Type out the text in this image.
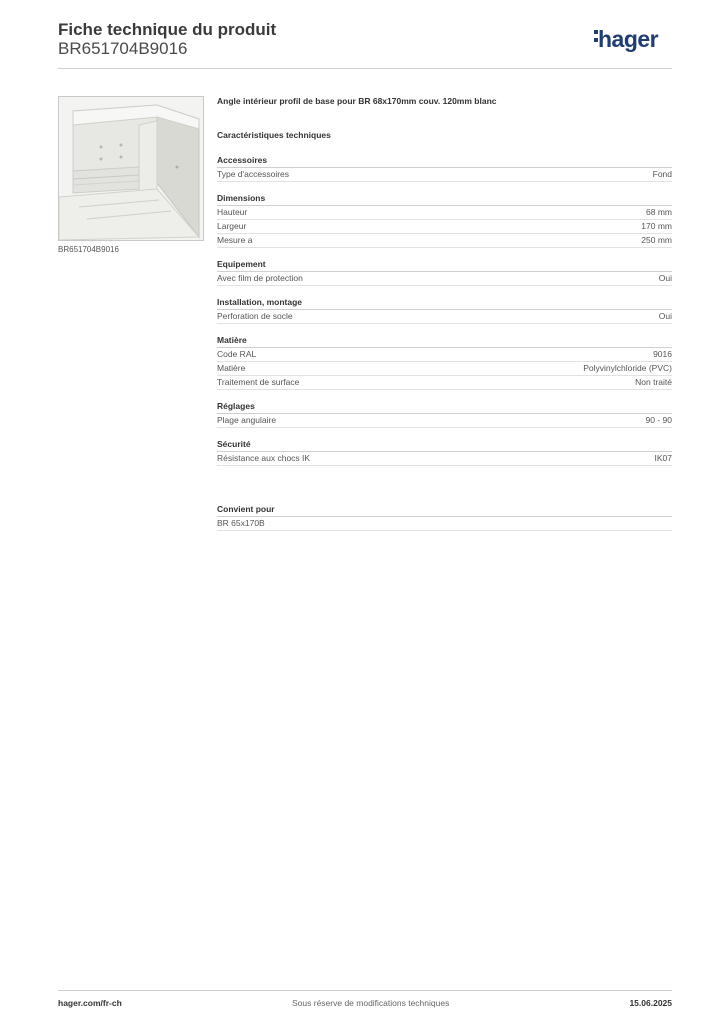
Fiche technique du produit
BR651704B9016	hager
BR651704B9016
Angle intérieur profil de base pour BR 68x170mm couv. 120mm blanc
Caractéristiques techniques
Accessoires
Type d'accessoires	Fond
Dimensions
Hauteur	68 mm
Largeur	170 mm
Mesure a	250 mm
Equipement
Avec film de protection	Oui
Installation, montage
Perforation de socle	Oui
Matière
Code RAL	9016
Matière	Polyvinylchloride (PVC)
Traitement de surface	Non traité
Réglages
Plage angulaire	90 - 90
Sécurité
Résistance aux chocs IK	IK07
Convient pour
BR 65x170B
hager.com/fr-ch	Sous réserve de modifications techniques	15.06.2025
